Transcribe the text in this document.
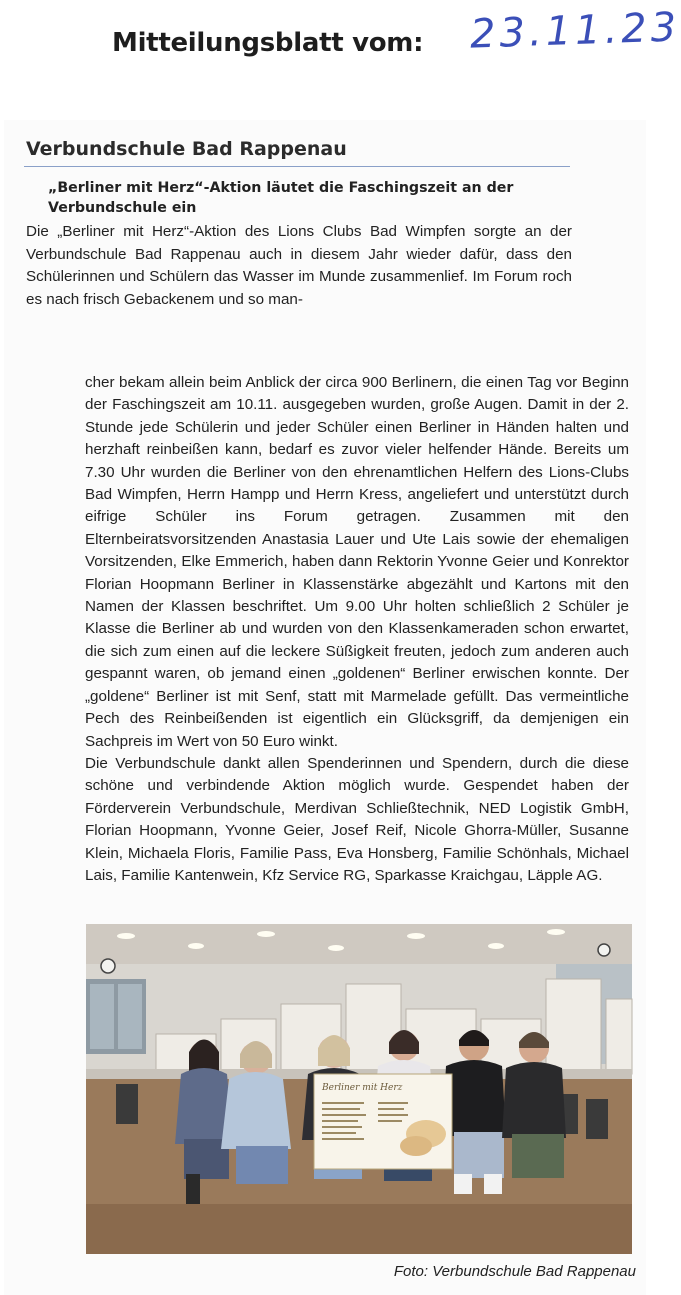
Mitteilungsblatt vom: 23.11.23
Verbundschule Bad Rappenau
„Berliner mit Herz“-Aktion läutet die Faschingszeit an der Verbundschule ein
Die „Berliner mit Herz“-Aktion des Lions Clubs Bad Wimpfen sorgte an der Verbundschule Bad Rappenau auch in diesem Jahr wieder dafür, dass den Schülerinnen und Schülern das Wasser im Munde zusammenlief. Im Forum roch es nach frisch Gebackenem und so man-

cher bekam allein beim Anblick der circa 900 Berlinern, die einen Tag vor Beginn der Faschingszeit am 10.11. ausgegeben wurden, große Augen. Damit in der 2. Stunde jede Schülerin und jeder Schüler einen Berliner in Händen halten und herzhaft reinbeißen kann, bedarf es zuvor vieler helfender Hände. Bereits um 7.30 Uhr wurden die Berliner von den ehrenamtlichen Helfern des Lions-Clubs Bad Wimpfen, Herrn Hampp und Herrn Kress, angeliefert und unterstützt durch eifrige Schüler ins Forum getragen. Zusammen mit den Elternbeiratsvorsitzenden Anastasia Lauer und Ute Lais sowie der ehemaligen Vorsitzenden, Elke Emmerich, haben dann Rektorin Yvonne Geier und Konrektor Florian Hoopmann Berliner in Klassenstärke abgezählt und Kartons mit den Namen der Klassen beschriftet. Um 9.00 Uhr holten schließlich 2 Schüler je Klasse die Berliner ab und wurden von den Klassenkameraden schon erwartet, die sich zum einen auf die leckere Süßigkeit freuten, jedoch zum anderen auch gespannt waren, ob jemand einen „goldenen“ Berliner erwischen konnte. Der „goldene“ Berliner ist mit Senf, statt mit Marmelade gefüllt. Das vermeintliche Pech des Reinbeißenden ist eigentlich ein Glücksgriff, da demjenigen ein Sachpreis im Wert von 50 Euro winkt.

Die Verbundschule dankt allen Spenderinnen und Spendern, durch die diese schöne und verbindende Aktion möglich wurde. Gespendet haben der Förderverein Verbundschule, Merdivan Schließtechnik, NED Logistik GmbH, Florian Hoopmann, Yvonne Geier, Josef Reif, Nicole Ghorra-Müller, Susanne Klein, Michaela Floris, Familie Pass, Eva Honsberg, Familie Schönhals, Michael Lais, Familie Kantenwein, Kfz Service RG, Sparkasse Kraichgau, Läpple AG.

Berliner mit Herz
Foto: Verbundschule Bad Rappenau
